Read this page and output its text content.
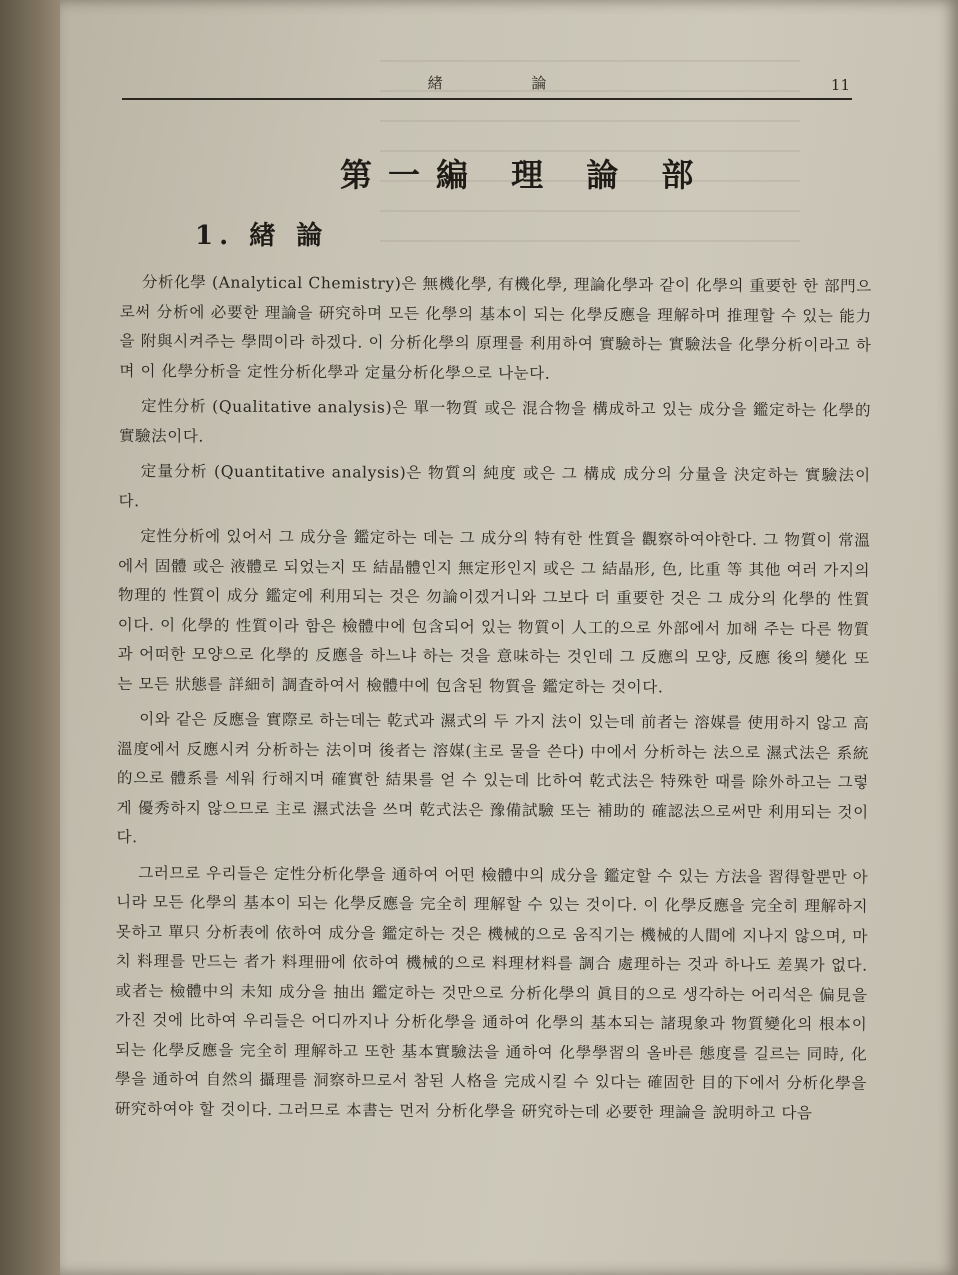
緖 論	11
第一編 理 論 部
1. 緖 論

分析化學 (Analytical Chemistry)은 無機化學, 有機化學, 理論化學과 같이 化學의 重要한 한 部門으로써 分析에 必要한 理論을 硏究하며 모든 化學의 基本이 되는 化學反應을 理解하며 推理할 수 있는 能力을 附與시켜주는 學問이라 하겠다. 이 分析化學의 原理를 利用하여 實驗하는 實驗法을 化學分析이라고 하며 이 化學分析을 定性分析化學과 定量分析化學으로 나눈다.

定性分析 (Qualitative analysis)은 單一物質 或은 混合物을 構成하고 있는 成分을 鑑定하는 化學的 實驗法이다.

定量分析 (Quantitative analysis)은 物質의 純度 或은 그 構成 成分의 分量을 決定하는 實驗法이다.

定性分析에 있어서 그 成分을 鑑定하는 데는 그 成分의 特有한 性質을 觀察하여야한다. 그 物質이 常溫에서 固體 或은 液體로 되었는지 또 結晶體인지 無定形인지 或은 그 結晶形, 色, 比重 等 其他 여러 가지의 物理的 性質이 成分 鑑定에 利用되는 것은 勿論이겠거니와 그보다 더 重要한 것은 그 成分의 化學的 性質이다. 이 化學的 性質이라 함은 檢體中에 包含되어 있는 物質이 人工的으로 外部에서 加해 주는 다른 物質과 어떠한 모양으로 化學的 反應을 하느냐 하는 것을 意味하는 것인데 그 反應의 모양, 反應 後의 變化 또는 모든 狀態를 詳細히 調査하여서 檢體中에 包含된 物質을 鑑定하는 것이다.

이와 같은 反應을 實際로 하는데는 乾式과 濕式의 두 가지 法이 있는데 前者는 溶媒를 使用하지 않고 高溫度에서 反應시켜 分析하는 法이며 後者는 溶媒(主로 물을 쓴다) 中에서 分析하는 法으로 濕式法은 系統的으로 體系를 세워 行해지며 確實한 結果를 얻 수 있는데 比하여 乾式法은 特殊한 때를 除外하고는 그렇게 優秀하지 않으므로 主로 濕式法을 쓰며 乾式法은 豫備試驗 또는 補助的 確認法으로써만 利用되는 것이다.

그러므로 우리들은 定性分析化學을 通하여 어떤 檢體中의 成分을 鑑定할 수 있는 方法을 習得할뿐만 아니라 모든 化學의 基本이 되는 化學反應을 完全히 理解할 수 있는 것이다. 이 化學反應을 完全히 理解하지 못하고 單只 分析表에 依하여 成分을 鑑定하는 것은 機械的으로 움직기는 機械的人間에 지나지 않으며, 마치 料理를 만드는 者가 料理冊에 依하여 機械的으로 料理材料를 調合 處理하는 것과 하나도 差異가 없다. 或者는 檢體中의 未知 成分을 抽出 鑑定하는 것만으로 分析化學의 眞目的으로 생각하는 어리석은 偏見을 가진 것에 比하여 우리들은 어디까지나 分析化學을 通하여 化學의 基本되는 諸現象과 物質變化의 根本이 되는 化學反應을 完全히 理解하고 또한 基本實驗法을 通하여 化學學習의 올바른 態度를 길르는 同時, 化學을 通하여 自然의 攝理를 洞察하므로서 참된 人格을 完成시킬 수 있다는 確固한 目的下에서 分析化學을 硏究하여야 할 것이다. 그러므로 本書는 먼저 分析化學을 硏究하는데 必要한 理論을 說明하고 다음
